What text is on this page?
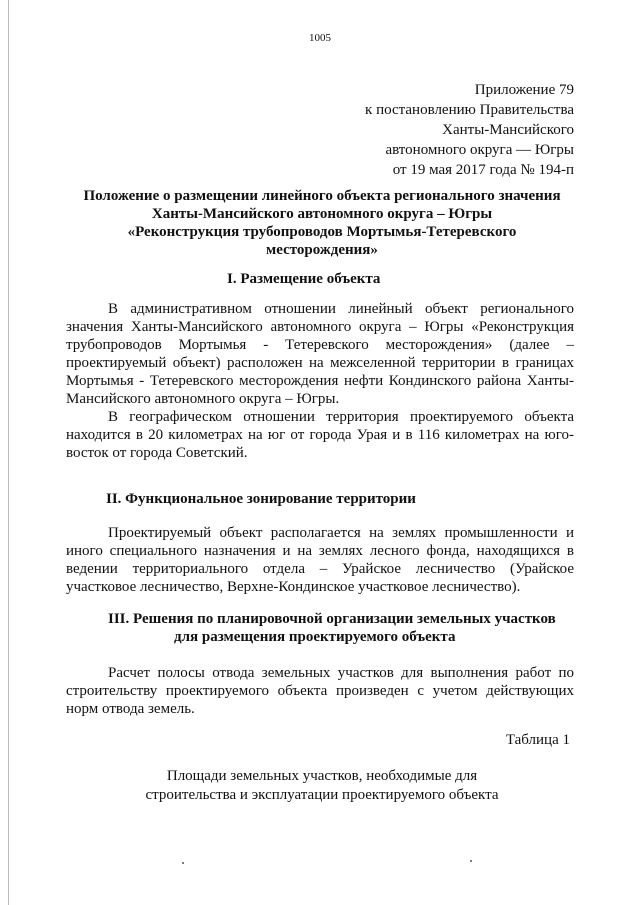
1005
Приложение 79
к постановлению Правительства
Ханты-Мансийского
автономного округа — Югры
от 19 мая 2017 года № 194-п
Положение о размещении линейного объекта регионального значения
Ханты-Мансийского автономного округа – Югры
«Реконструкция трубопроводов Мортымья-Тетеревского
месторождения»
I. Размещение объекта
В административном отношении линейный объект регионального значения Ханты-Мансийского автономного округа – Югры «Реконструкция трубопроводов Мортымья - Тетеревского месторождения» (далее – проектируемый объект) расположен на межселенной территории в границах Мортымья - Тетеревского месторождения нефти Кондинского района Ханты-Мансийского автономного округа – Югры.
В географическом отношении территория проектируемого объекта находится в 20 километрах на юг от города Урая и в 116 километрах на юго-восток от города Советский.
II. Функциональное зонирование территории
Проектируемый объект располагается на землях промышленности и иного специального назначения и на землях лесного фонда, находящихся в ведении территориального отдела – Урайское лесничество (Урайское участковое лесничество, Верхне-Кондинское участковое лесничество).
III. Решения по планировочной организации земельных участков
для размещения проектируемого объекта
Расчет полосы отвода земельных участков для выполнения работ по строительству проектируемого объекта произведен с учетом действующих норм отвода земель.
Таблица 1
Площади земельных участков, необходимые для
строительства и эксплуатации проектируемого объекта
